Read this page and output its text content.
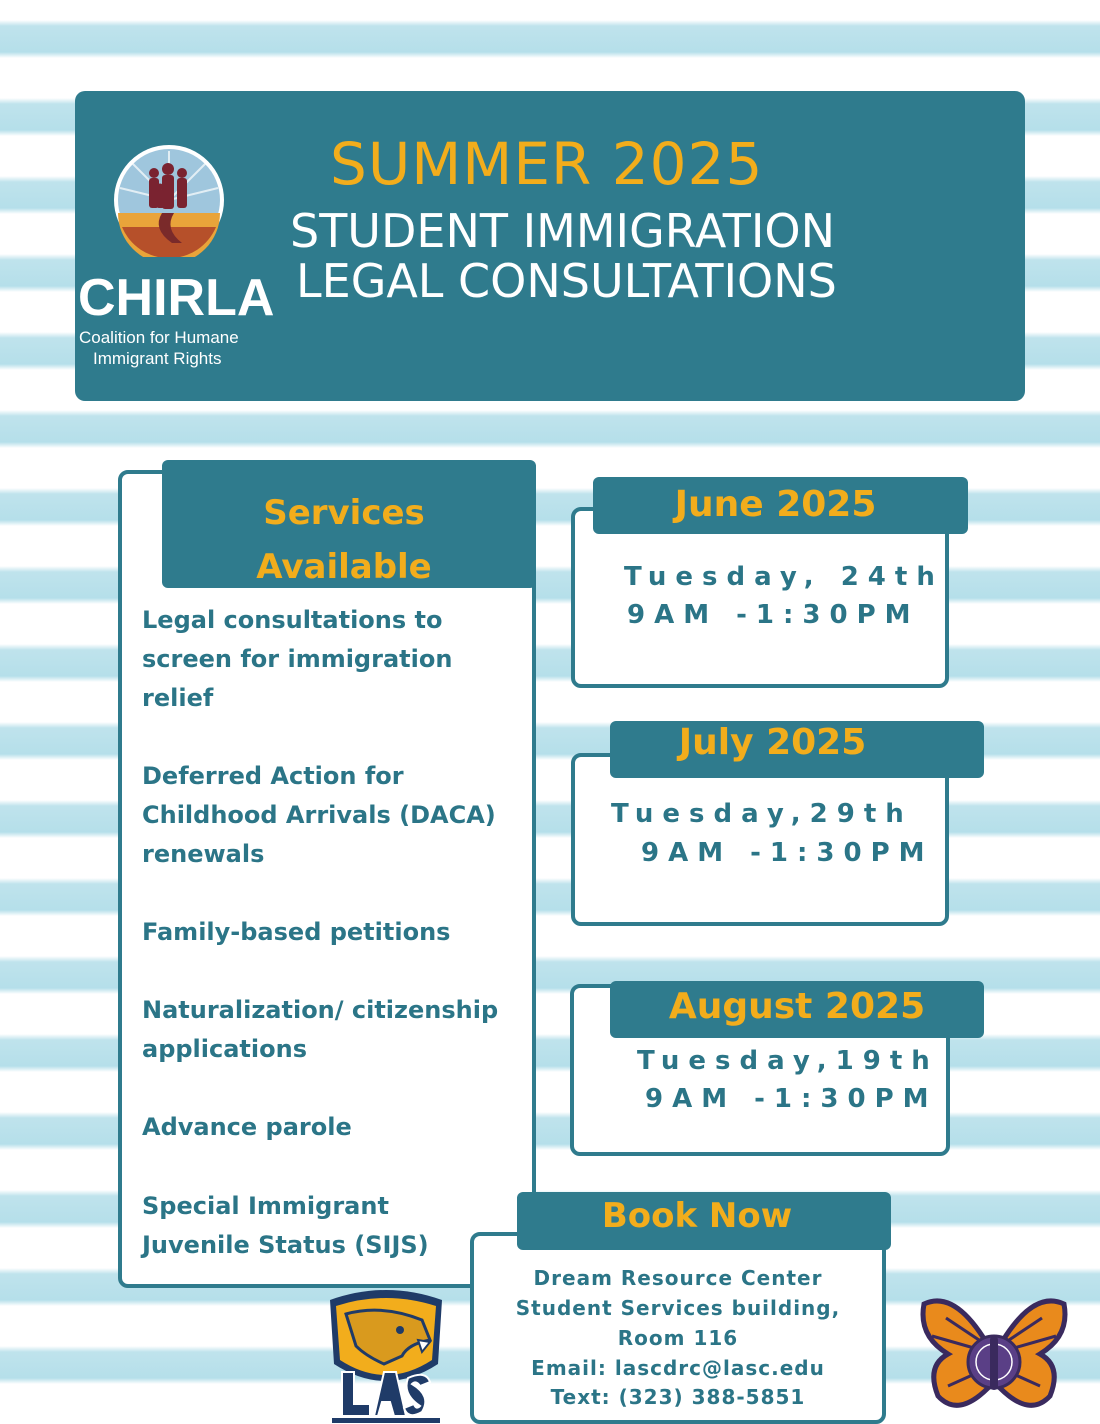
CHIRLA
Coalition for Humane
Immigrant Rights
SUMMER 2025
STUDENT IMMIGRATION
LEGAL CONSULTATIONS
Services
Available
Legal consultations to screen for immigration relief
Deferred Action for Childhood Arrivals (DACA) renewals
Family-based petitions
Naturalization/ citizenship applications
Advance parole
Special Immigrant Juvenile Status (SIJS)
June 2025
Tuesday, 24th
9AM -1:30PM
July 2025
Tuesday,29th
9AM -1:30PM
August 2025
Tuesday,19th
9AM -1:30PM
Book Now
Dream Resource Center
Student Services building,
Room 116
Email: lascdrc@lasc.edu
Text: (323) 388-5851
